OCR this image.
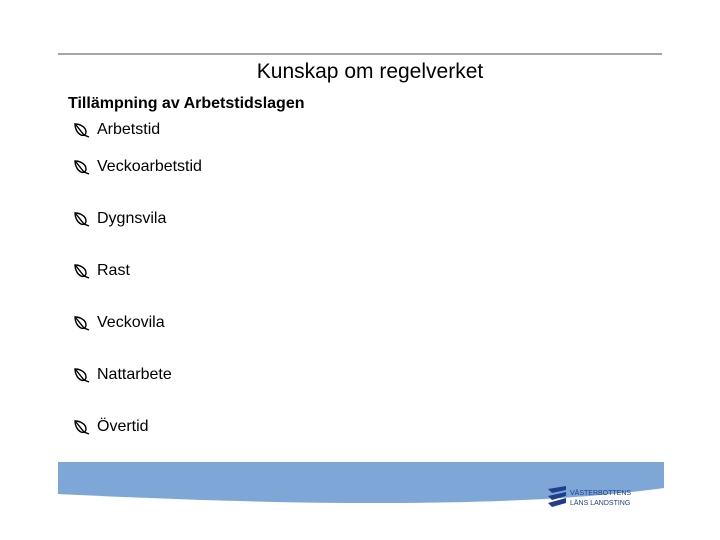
Kunskap om regelverket
Tillämpning av Arbetstidslagen
Arbetstid
Veckoarbetstid
Dygnsvila
Rast
Veckovila
Nattarbete
Övertid
VÄSTERBOTTENS
LÄNS LANDSTING
